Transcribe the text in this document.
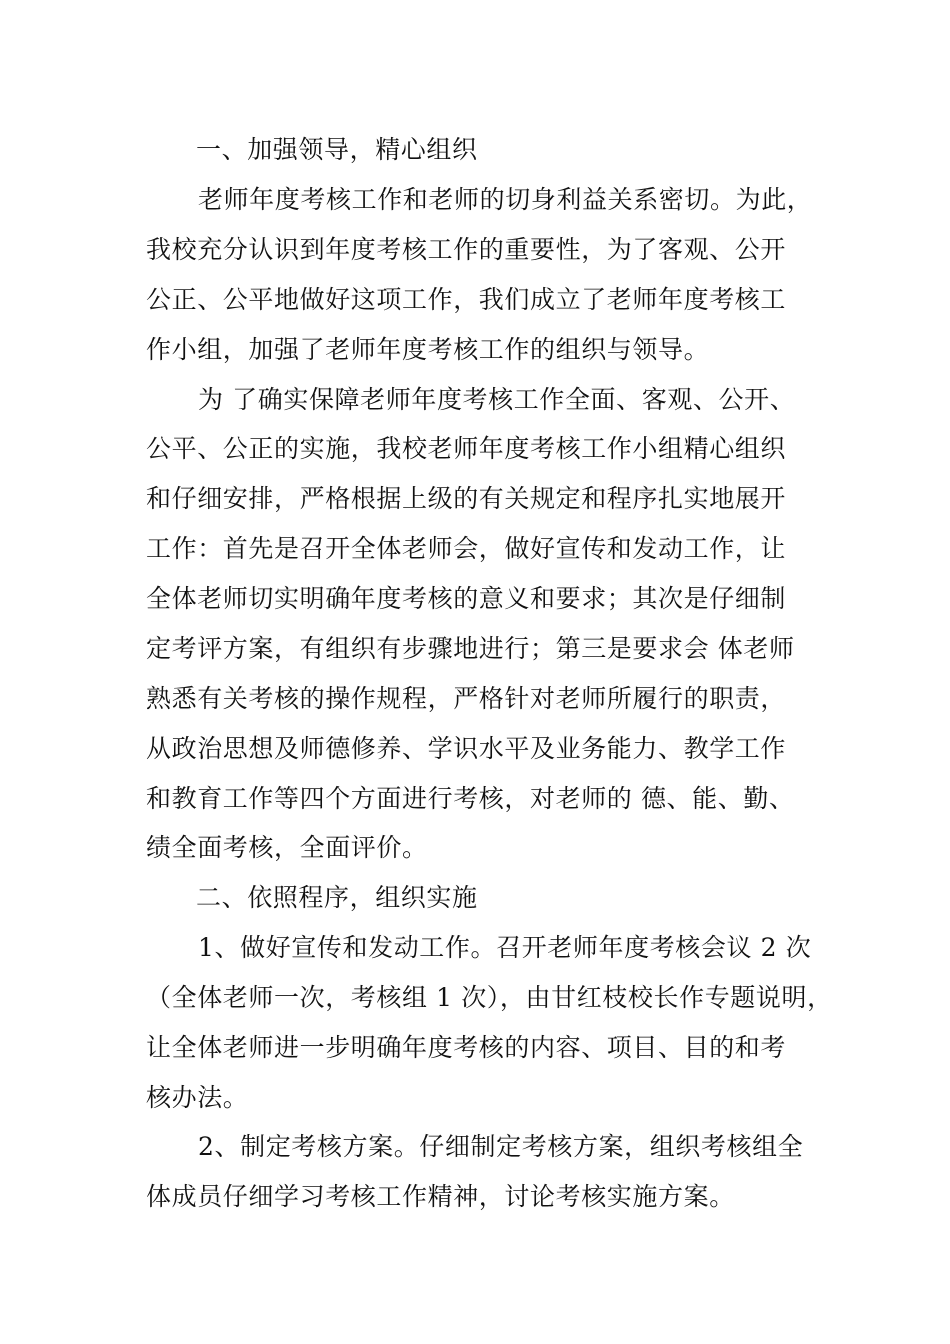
一、加强领导，精心组织
老师年度考核工作和老师的切身利益关系密切。为此，
我校充分认识到年度考核工作的重要性，为了客观、公开
公正、公平地做好这项工作，我们成立了老师年度考核工
作小组，加强了老师年度考核工作的组织与领导。
为 了确实保障老师年度考核工作全面、客观、公开、
公平、公正的实施，我校老师年度考核工作小组精心组织
和仔细安排，严格根据上级的有关规定和程序扎实地展开
工作：首先是召开全体老师会，做好宣传和发动工作，让
全体老师切实明确年度考核的意义和要求；其次是仔细制
定考评方案，有组织有步骤地进行；第三是要求会 体老师
熟悉有关考核的操作规程，严格针对老师所履行的职责，
从政治思想及师德修养、学识水平及业务能力、教学工作
和教育工作等四个方面进行考核，对老师的 德、能、勤、
绩全面考核，全面评价。
二、依照程序，组织实施
1、做好宣传和发动工作。召开老师年度考核会议 2 次
（全体老师一次，考核组 1 次），由甘红枝校长作专题说明，
让全体老师进一步明确年度考核的内容、项目、目的和考
核办法。
2、制定考核方案。仔细制定考核方案，组织考核组全
体成员仔细学习考核工作精神，讨论考核实施方案。
